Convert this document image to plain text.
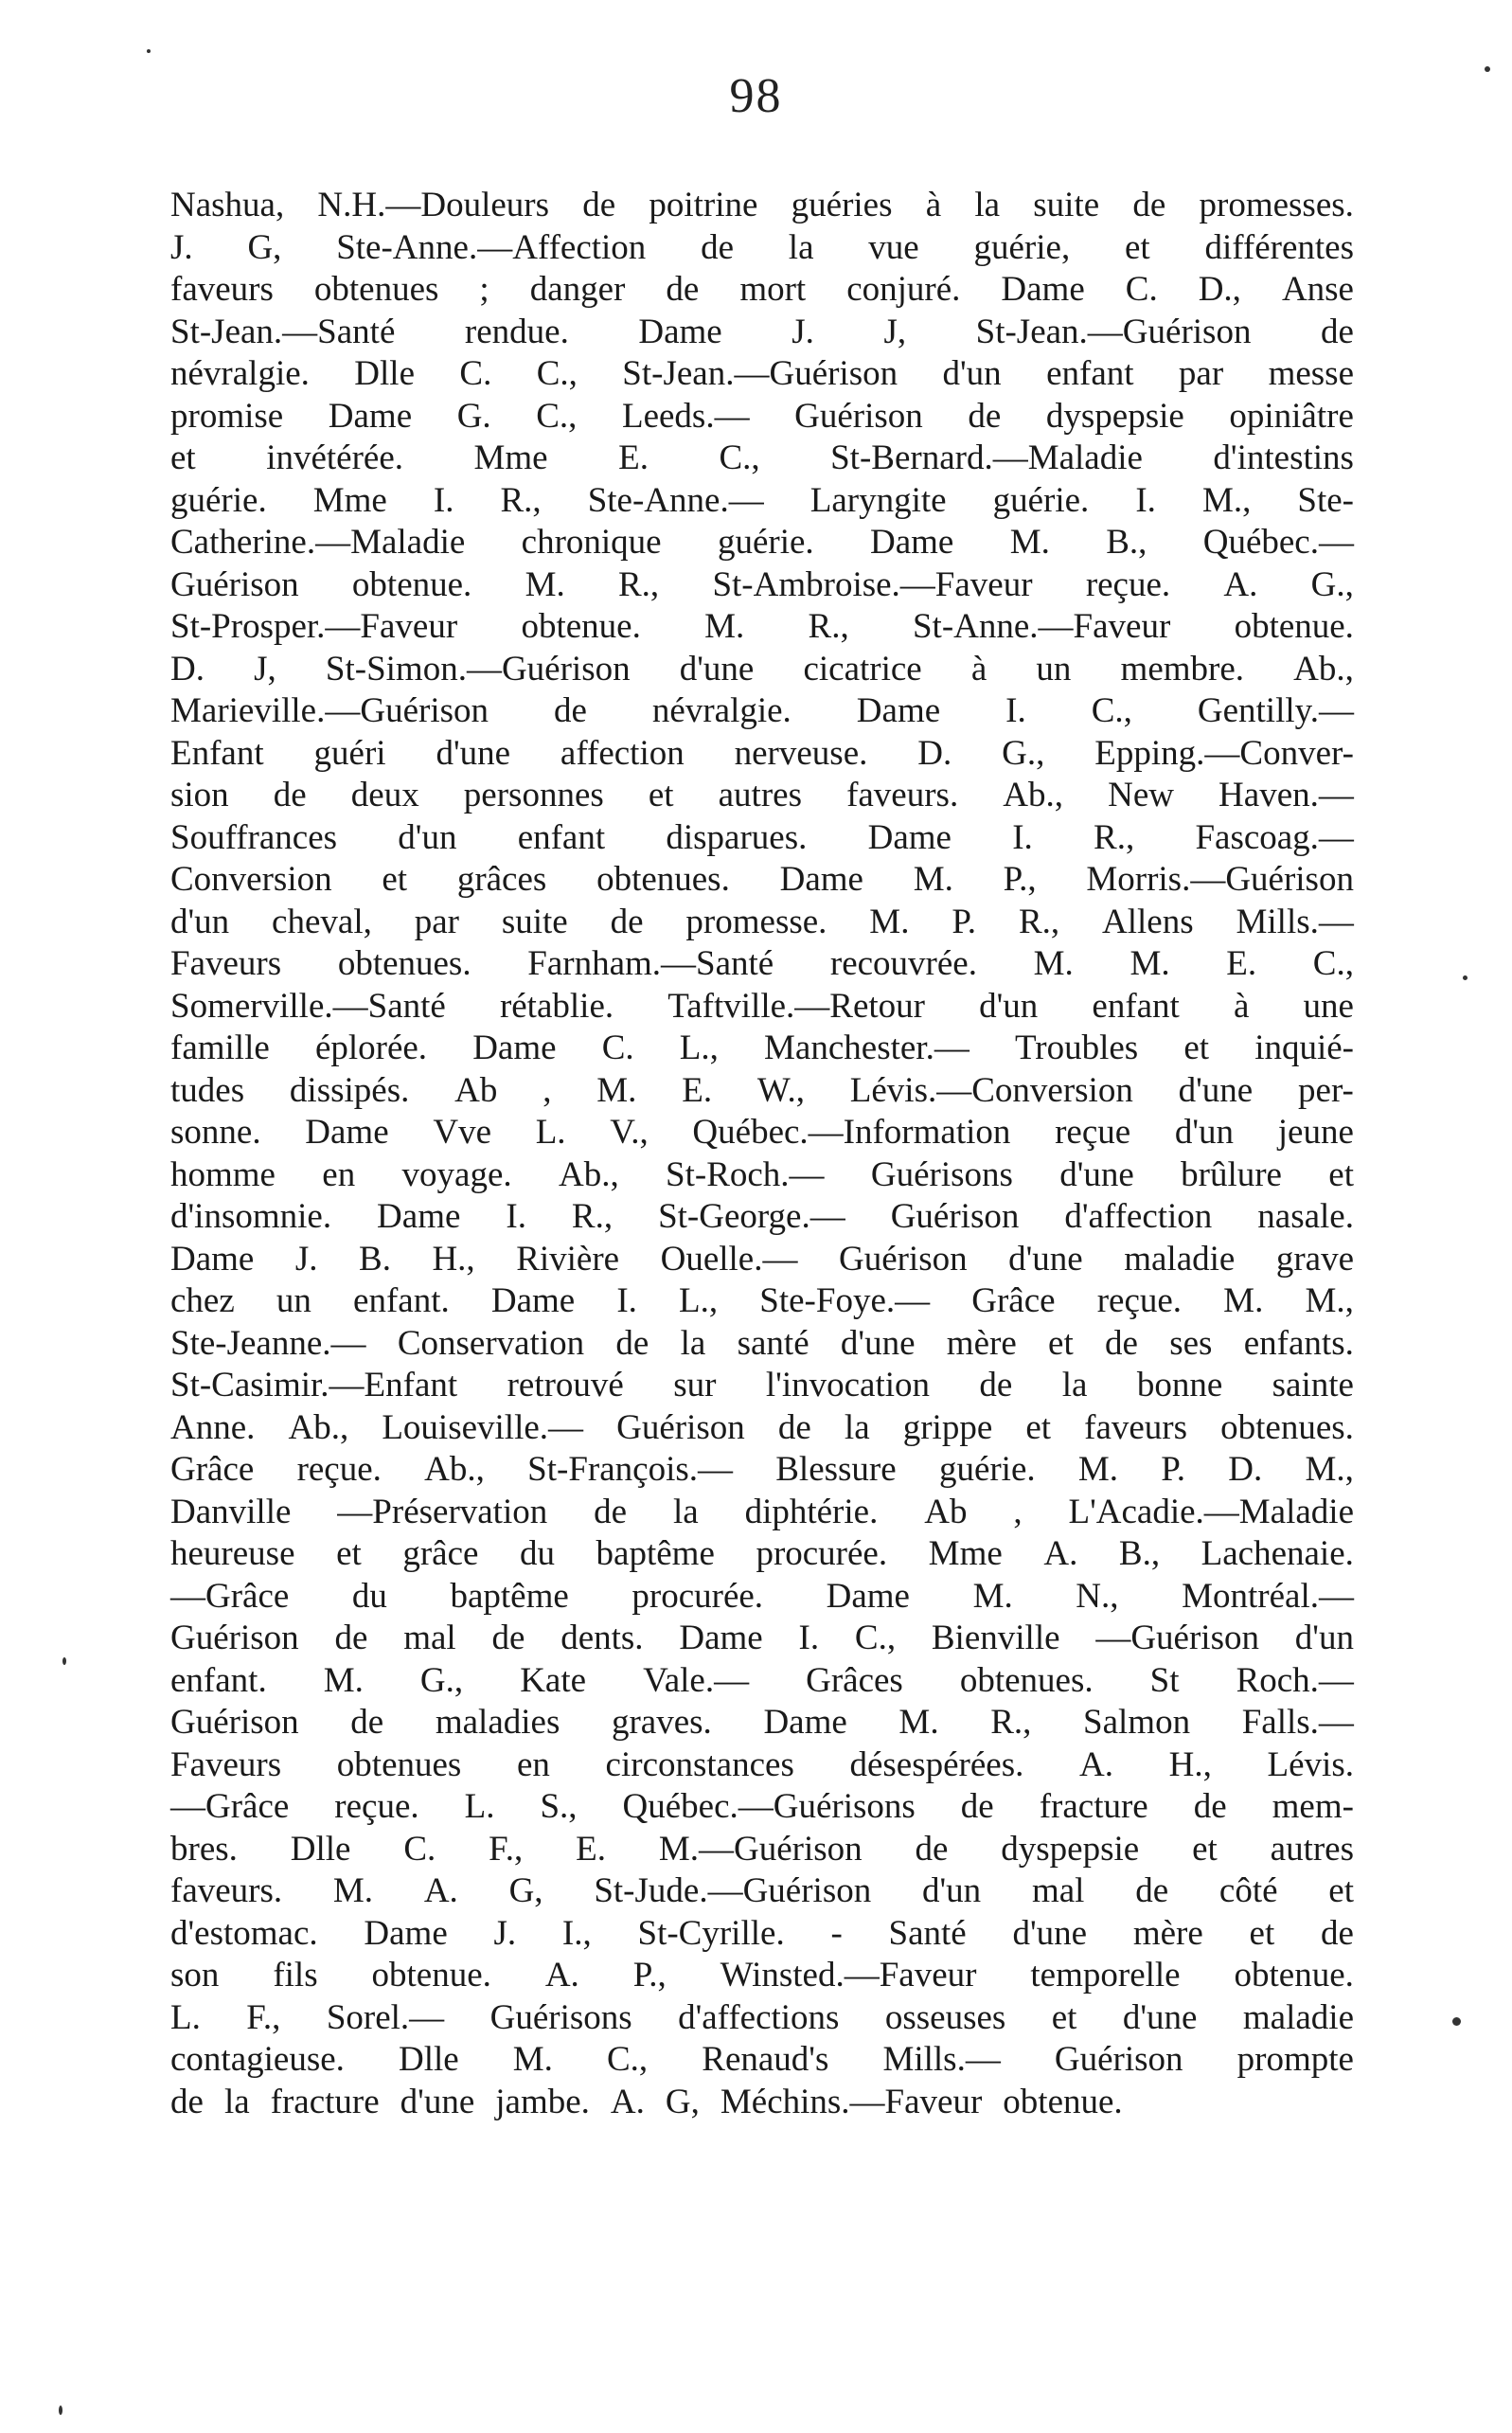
98
Nashua, N.H.—Douleurs de poitrine guéries à la suite de promesses.
J. G, Ste-Anne.—Affection de la vue guérie, et différentes
faveurs obtenues ; danger de mort conjuré. Dame C. D., Anse
St-Jean.—Santé rendue. Dame J. J, St-Jean.—Guérison de
névralgie. Dlle C. C., St-Jean.—Guérison d'un enfant par messe
promise Dame G. C., Leeds.— Guérison de dyspepsie opiniâtre
et invétérée. Mme E. C., St-Bernard.—Maladie d'intestins
guérie. Mme I. R., Ste-Anne.— Laryngite guérie. I. M., Ste-
Catherine.—Maladie chronique guérie. Dame M. B., Québec.—
Guérison obtenue. M. R., St-Ambroise.—Faveur reçue. A. G.,
St-Prosper.—Faveur obtenue. M. R., St-Anne.—Faveur obtenue.
D. J, St-Simon.—Guérison d'une cicatrice à un membre. Ab.,
Marieville.—Guérison de névralgie. Dame I. C., Gentilly.—
Enfant guéri d'une affection nerveuse. D. G., Epping.—Conver-
sion de deux personnes et autres faveurs. Ab., New Haven.—
Souffrances d'un enfant disparues. Dame I. R., Fascoag.—
Conversion et grâces obtenues. Dame M. P., Morris.—Guérison
d'un cheval, par suite de promesse. M. P. R., Allens Mills.—
Faveurs obtenues. Farnham.—Santé recouvrée. M. M. E. C.,
Somerville.—Santé rétablie. Taftville.—Retour d'un enfant à une
famille éplorée. Dame C. L., Manchester.— Troubles et inquié-
tudes dissipés. Ab , M. E. W., Lévis.—Conversion d'une per-
sonne. Dame Vve L. V., Québec.—Information reçue d'un jeune
homme en voyage. Ab., St-Roch.— Guérisons d'une brûlure et
d'insomnie. Dame I. R., St-George.— Guérison d'affection nasale.
Dame J. B. H., Rivière Ouelle.— Guérison d'une maladie grave
chez un enfant. Dame I. L., Ste-Foye.— Grâce reçue. M. M.,
Ste-Jeanne.— Conservation de la santé d'une mère et de ses enfants.
St-Casimir.—Enfant retrouvé sur l'invocation de la bonne sainte
Anne. Ab., Louiseville.— Guérison de la grippe et faveurs obtenues.
Grâce reçue. Ab., St-François.— Blessure guérie. M. P. D. M.,
Danville —Préservation de la diphtérie. Ab , L'Acadie.—Maladie
heureuse et grâce du baptême procurée. Mme A. B., Lachenaie.
—Grâce du baptême procurée. Dame M. N., Montréal.—
Guérison de mal de dents. Dame I. C., Bienville —Guérison d'un
enfant. M. G., Kate Vale.— Grâces obtenues. St Roch.—
Guérison de maladies graves. Dame M. R., Salmon Falls.—
Faveurs obtenues en circonstances désespérées. A. H., Lévis.
—Grâce reçue. L. S., Québec.—Guérisons de fracture de mem-
bres. Dlle C. F., E. M.—Guérison de dyspepsie et autres
faveurs. M. A. G, St-Jude.—Guérison d'un mal de côté et
d'estomac. Dame J. I., St-Cyrille. - Santé d'une mère et de
son fils obtenue. A. P., Winsted.—Faveur temporelle obtenue.
L. F., Sorel.— Guérisons d'affections osseuses et d'une maladie
contagieuse. Dlle M. C., Renaud's Mills.— Guérison prompte
de la fracture d'une jambe. A. G, Méchins.—Faveur obtenue.
